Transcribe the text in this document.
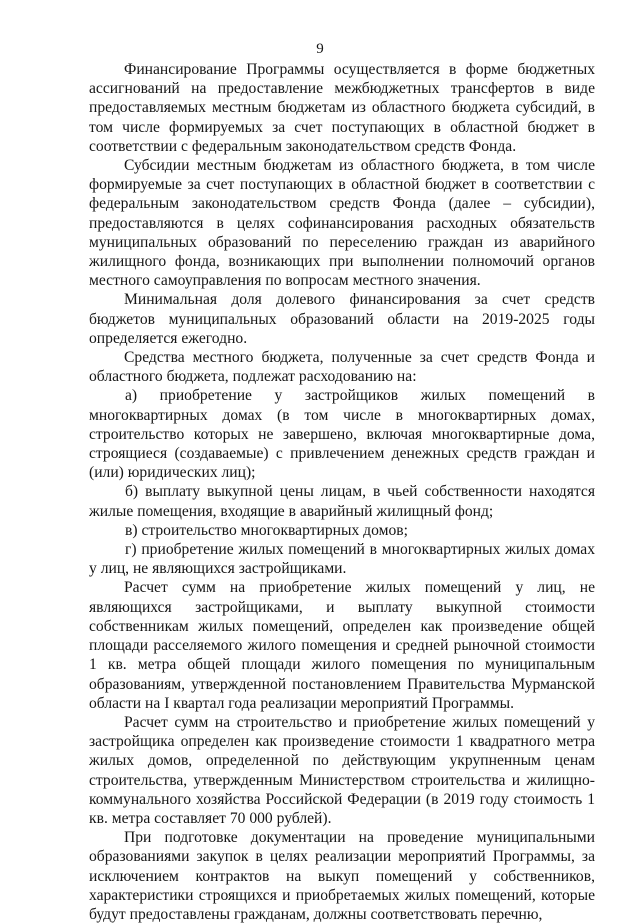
9

Финансирование Программы осуществляется в форме бюджетных ассигнований на предоставление межбюджетных трансфертов в виде предоставляемых местным бюджетам из областного бюджета субсидий, в том числе формируемых за счет поступающих в областной бюджет в соответствии с федеральным законодательством средств Фонда.

Субсидии местным бюджетам из областного бюджета, в том числе формируемые за счет поступающих в областной бюджет в соответствии с федеральным законодательством средств Фонда (далее – субсидии), предоставляются в целях софинансирования расходных обязательств муниципальных образований по переселению граждан из аварийного жилищного фонда, возникающих при выполнении полномочий органов местного самоуправления по вопросам местного значения.

Минимальная доля долевого финансирования за счет средств бюджетов муниципальных образований области на 2019-2025 годы определяется ежегодно.

Средства местного бюджета, полученные за счет средств Фонда и областного бюджета, подлежат расходованию на:

а) приобретение у застройщиков жилых помещений в многоквартирных домах (в том числе в многоквартирных домах, строительство которых не завершено, включая многоквартирные дома, строящиеся (создаваемые) с привлечением денежных средств граждан и (или) юридических лиц);

б) выплату выкупной цены лицам, в чьей собственности находятся жилые помещения, входящие в аварийный жилищный фонд;

в) строительство многоквартирных домов;

г) приобретение жилых помещений в многоквартирных жилых домах у лиц, не являющихся застройщиками.

Расчет сумм на приобретение жилых помещений у лиц, не являющихся застройщиками, и выплату выкупной стоимости собственникам жилых помещений, определен как произведение общей площади расселяемого жилого помещения и средней рыночной стоимости 1 кв. метра общей площади жилого помещения по муниципальным образованиям, утвержденной постановлением Правительства Мурманской области на I квартал года реализации мероприятий Программы.

Расчет сумм на строительство и приобретение жилых помещений у застройщика определен как произведение стоимости 1 квадратного метра жилых домов, определенной по действующим укрупненным ценам строительства, утвержденным Министерством строительства и жилищно-коммунального хозяйства Российской Федерации (в 2019 году стоимость 1 кв. метра составляет 70 000 рублей).

При подготовке документации на проведение муниципальными образованиями закупок в целях реализации мероприятий Программы, за исключением контрактов на выкуп помещений у собственников, характеристики строящихся и приобретаемых жилых помещений, которые будут предоставлены гражданам, должны соответствовать перечню,
